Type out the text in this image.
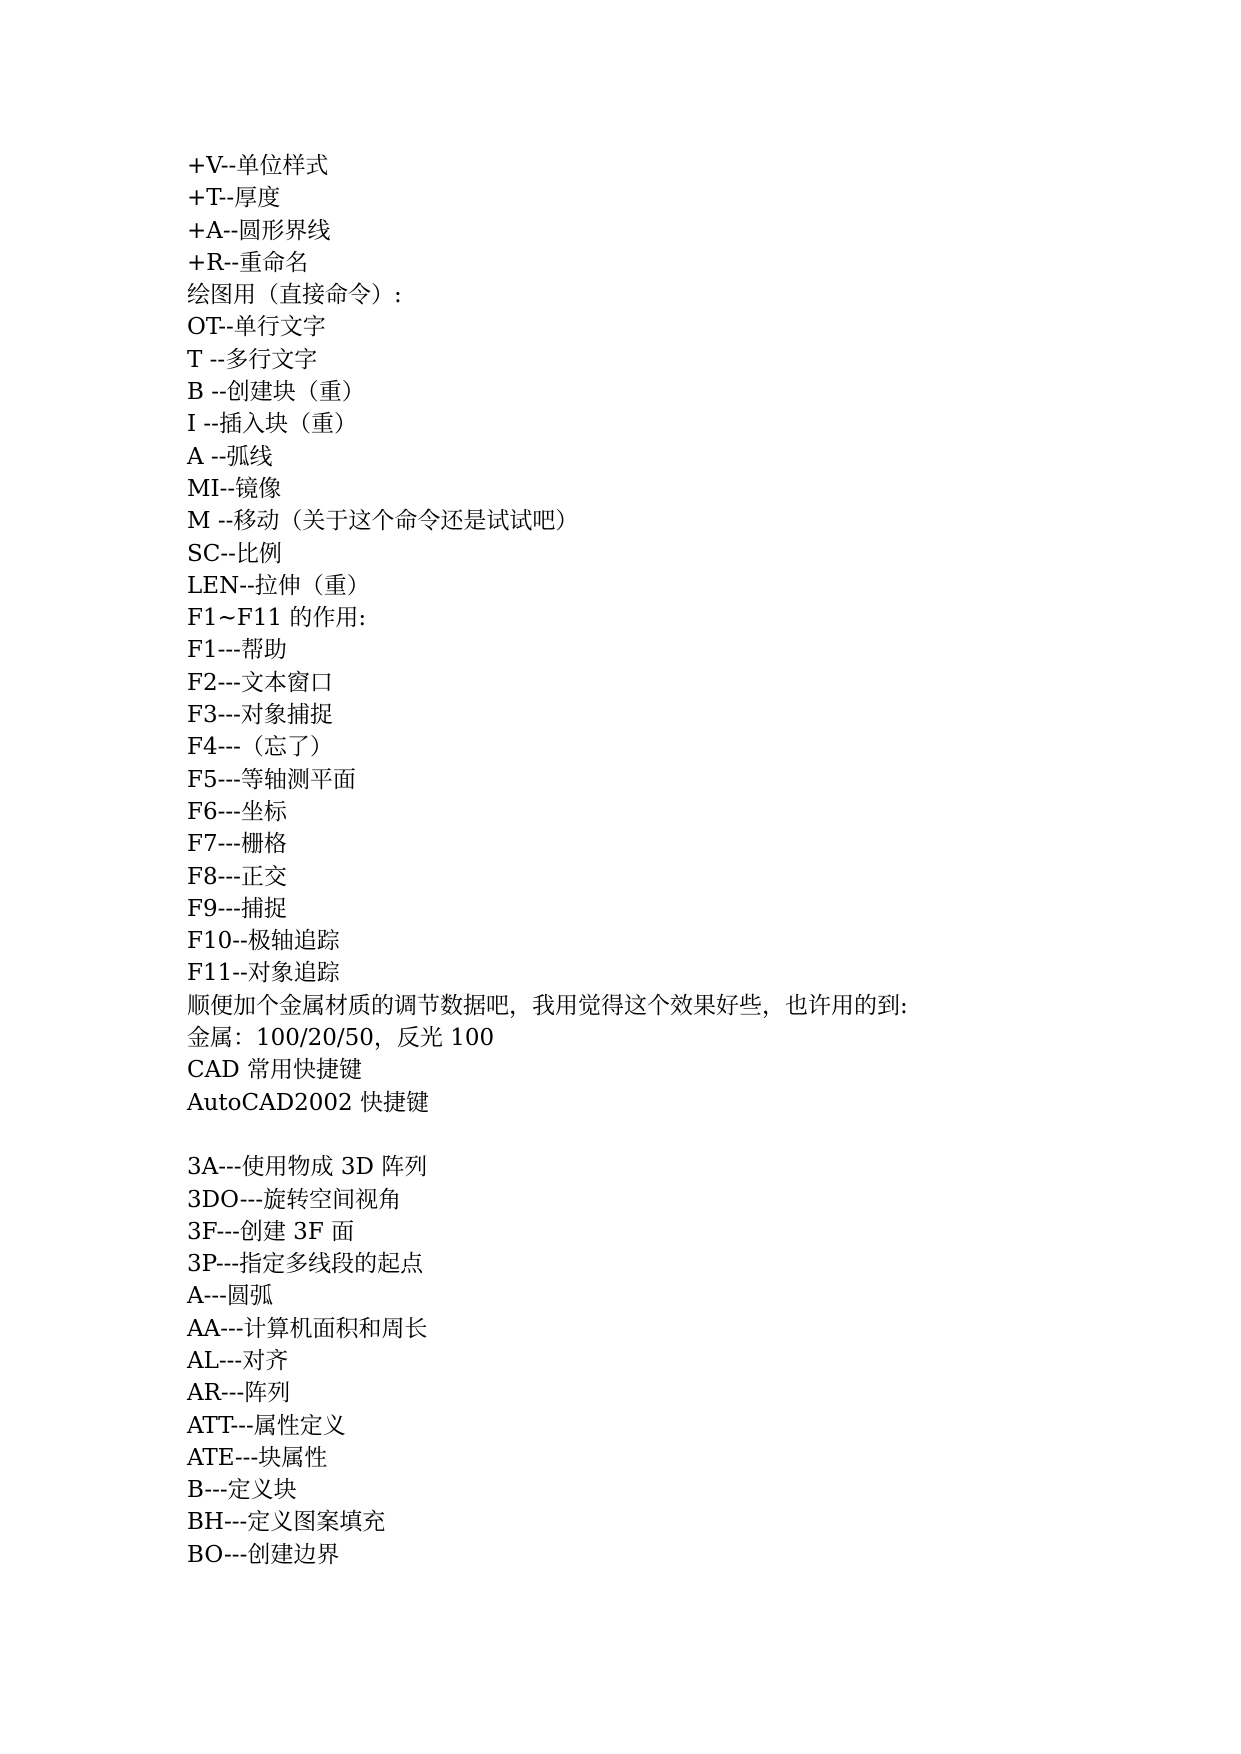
+V--单位样式
+T--厚度
+A--圆形界线
+R--重命名
绘图用（直接命令）:
OT--单行文字
T --多行文字
B --创建块（重）
I --插入块（重）
A --弧线
MI--镜像
M --移动（关于这个命令还是试试吧）
SC--比例
LEN--拉伸（重）
F1~F11 的作用:
F1---帮助
F2---文本窗口
F3---对象捕捉
F4---（忘了）
F5---等轴测平面
F6---坐标
F7---栅格
F8---正交
F9---捕捉
F10--极轴追踪
F11--对象追踪
顺便加个金属材质的调节数据吧，我用觉得这个效果好些，也许用的到:
金属：100/20/50，反光 100
CAD 常用快捷键
AutoCAD2002 快捷键
3A---使用物成 3D 阵列
3DO---旋转空间视角
3F---创建 3F 面
3P---指定多线段的起点
A---圆弧
AA---计算机面积和周长
AL---对齐
AR---阵列
ATT---属性定义
ATE---块属性
B---定义块
BH---定义图案填充
BO---创建边界
